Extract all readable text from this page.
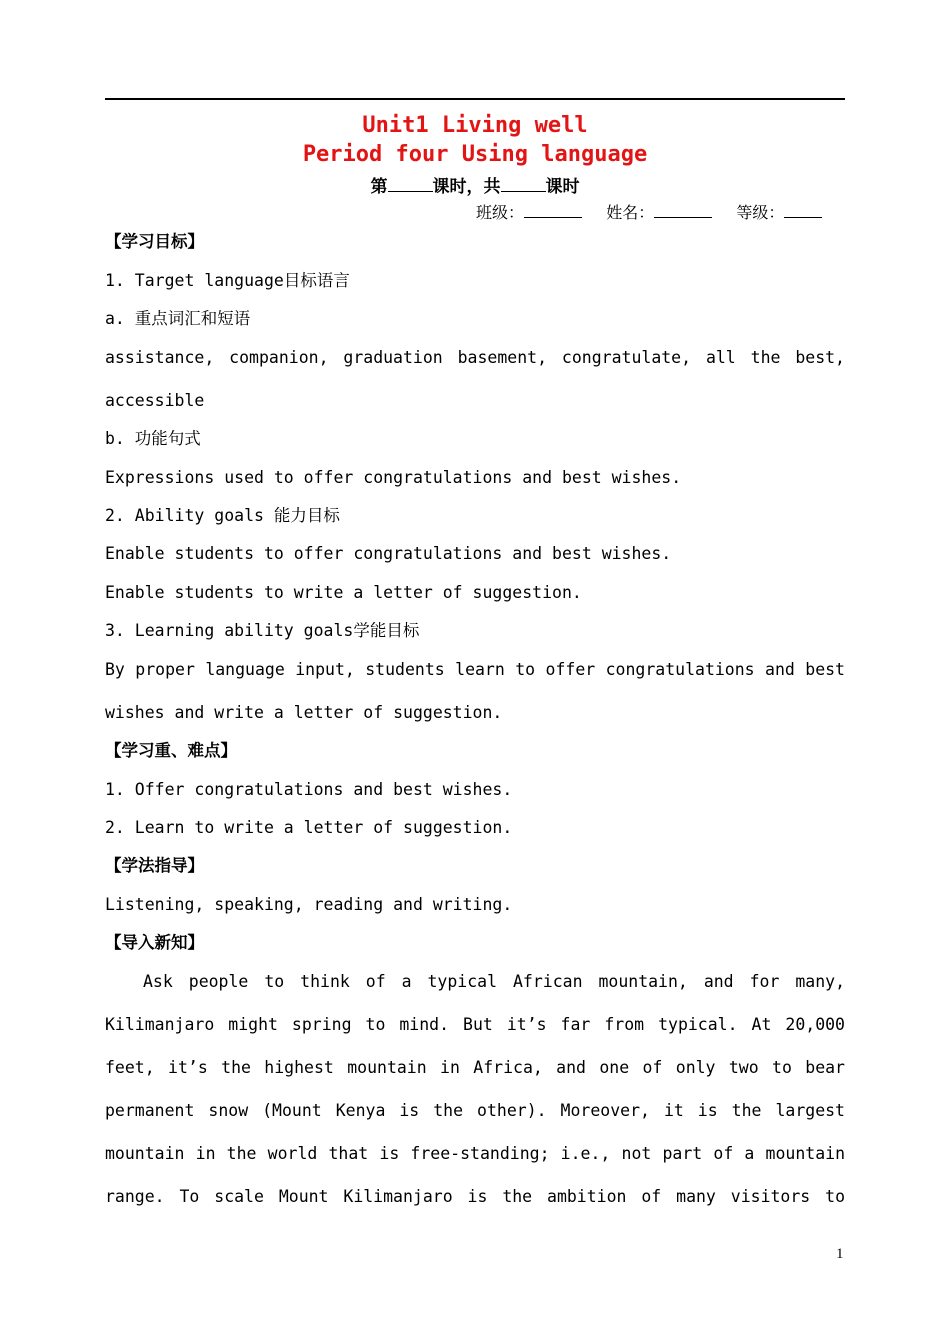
Unit1 Living well
Period four Using language
第	课时，共	课时
班级：	姓名：	等级：
【学习目标】
1. Target language目标语言
a. 重点词汇和短语
assistance, companion, graduation basement, congratulate, all the best,
accessible
b. 功能句式
Expressions used to offer congratulations and best wishes.
2. Ability goals 能力目标
Enable students to offer congratulations and best wishes.
Enable students to write a letter of suggestion.
3. Learning ability goals学能目标
By proper language input, students learn to offer congratulations and best
wishes and write a letter of suggestion.
【学习重、难点】
1. Offer congratulations and best wishes.
2. Learn to write a letter of suggestion.
【学法指导】
Listening, speaking, reading and writing.
【导入新知】
Ask people to think of a typical African mountain, and for many,
Kilimanjaro might spring to mind. But it’s far from typical. At 20,000
feet, it’s the highest mountain in Africa, and one of only two to bear
permanent snow (Mount Kenya is the other). Moreover, it is the largest
mountain in the world that is free-standing; i.e., not part of a mountain
range. To scale Mount Kilimanjaro is the ambition of many visitors to
1
